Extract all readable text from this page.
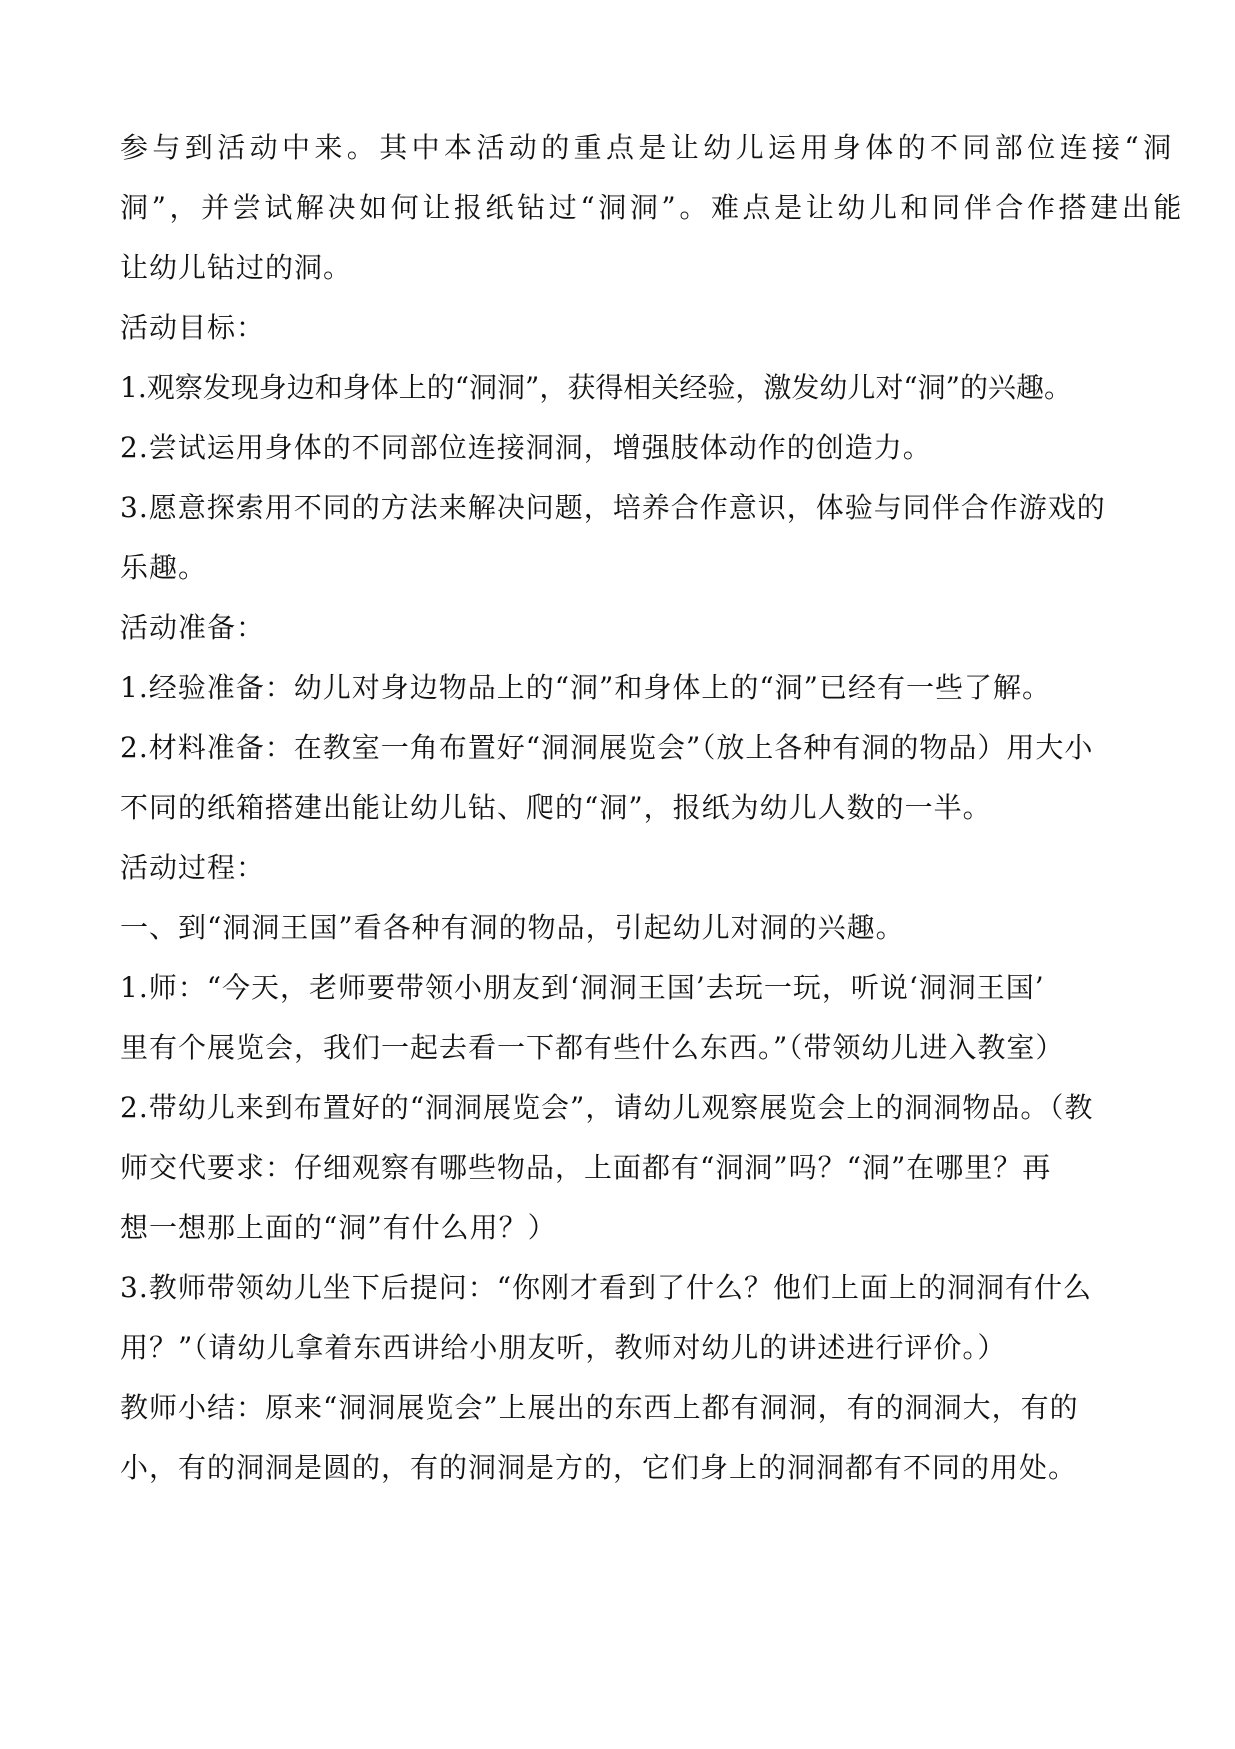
参与到活动中来。其中本活动的重点是让幼儿运用身体的不同部位连接“洞
洞”，并尝试解决如何让报纸钻过“洞洞”。难点是让幼儿和同伴合作搭建出能
让幼儿钻过的洞。
活动目标：
1.观察发现身边和身体上的“洞洞”，获得相关经验，激发幼儿对“洞”的兴趣。
2.尝试运用身体的不同部位连接洞洞，增强肢体动作的创造力。
3.愿意探索用不同的方法来解决问题，培养合作意识，体验与同伴合作游戏的
乐趣。
活动准备：
1.经验准备：幼儿对身边物品上的“洞”和身体上的“洞”已经有一些了解。
2.材料准备：在教室一角布置好“洞洞展览会”（放上各种有洞的物品）用大小
不同的纸箱搭建出能让幼儿钻、爬的“洞”，报纸为幼儿人数的一半。
活动过程：
一、到“洞洞王国”看各种有洞的物品，引起幼儿对洞的兴趣。
1.师：“今天，老师要带领小朋友到‘洞洞王国’去玩一玩，听说‘洞洞王国’
里有个展览会，我们一起去看一下都有些什么东西。”（带领幼儿进入教室）
2.带幼儿来到布置好的“洞洞展览会”，请幼儿观察展览会上的洞洞物品。（教
师交代要求：仔细观察有哪些物品，上面都有“洞洞”吗？“洞”在哪里？再
想一想那上面的“洞”有什么用？）
3.教师带领幼儿坐下后提问：“你刚才看到了什么？他们上面上的洞洞有什么
用？”（请幼儿拿着东西讲给小朋友听，教师对幼儿的讲述进行评价。）
教师小结：原来“洞洞展览会”上展出的东西上都有洞洞，有的洞洞大，有的
小，有的洞洞是圆的，有的洞洞是方的，它们身上的洞洞都有不同的用处。
